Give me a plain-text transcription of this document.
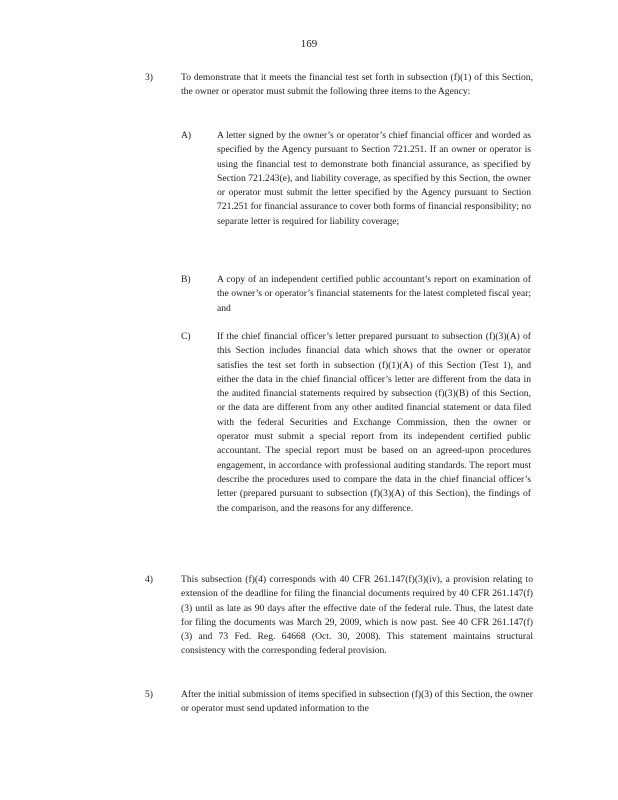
169
3)	To demonstrate that it meets the financial test set forth in subsection (f)(1) of this Section, the owner or operator must submit the following three items to the Agency:
A)	A letter signed by the owner’s or operator’s chief financial officer and worded as specified by the Agency pursuant to Section 721.251. If an owner or operator is using the financial test to demonstrate both financial assurance, as specified by Section 721.243(e), and liability coverage, as specified by this Section, the owner or operator must submit the letter specified by the Agency pursuant to Section 721.251 for financial assurance to cover both forms of financial responsibility; no separate letter is required for liability coverage;
B)	A copy of an independent certified public accountant’s report on examination of the owner’s or operator’s financial statements for the latest completed fiscal year; and
C)	If the chief financial officer’s letter prepared pursuant to subsection (f)(3)(A) of this Section includes financial data which shows that the owner or operator satisfies the test set forth in subsection (f)(1)(A) of this Section (Test 1), and either the data in the chief financial officer’s letter are different from the data in the audited financial statements required by subsection (f)(3)(B) of this Section, or the data are different from any other audited financial statement or data filed with the federal Securities and Exchange Commission, then the owner or operator must submit a special report from its independent certified public accountant. The special report must be based on an agreed-upon procedures engagement, in accordance with professional auditing standards. The report must describe the procedures used to compare the data in the chief financial officer’s letter (prepared pursuant to subsection (f)(3)(A) of this Section), the findings of the comparison, and the reasons for any difference.
4)	This subsection (f)(4) corresponds with 40 CFR 261.147(f)(3)(iv), a provision relating to extension of the deadline for filing the financial documents required by 40 CFR 261.147(f)(3) until as late as 90 days after the effective date of the federal rule. Thus, the latest date for filing the documents was March 29, 2009, which is now past. See 40 CFR 261.147(f)(3) and 73 Fed. Reg. 64668 (Oct. 30, 2008). This statement maintains structural consistency with the corresponding federal provision.
5)	After the initial submission of items specified in subsection (f)(3) of this Section, the owner or operator must send updated information to the
